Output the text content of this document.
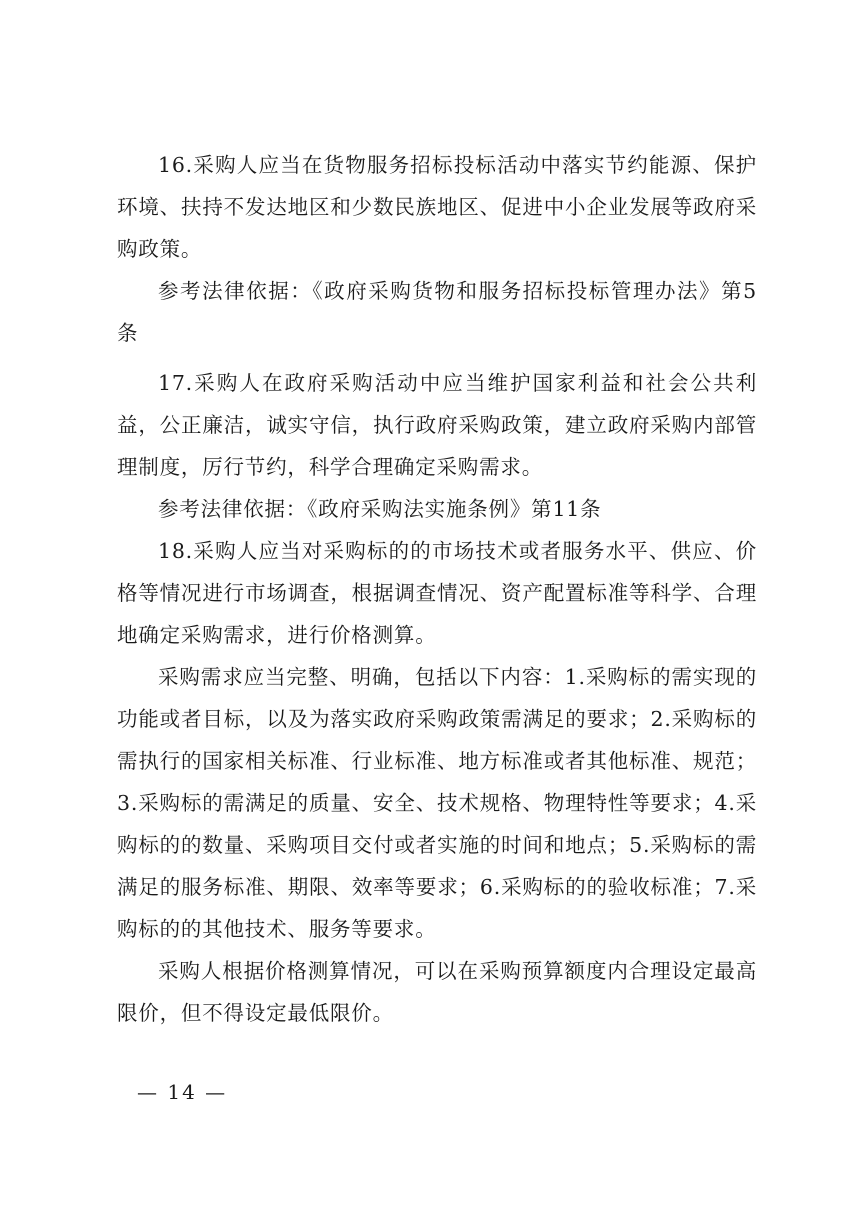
16.采购人应当在货物服务招标投标活动中落实节约能源、保护环境、扶持不发达地区和少数民族地区、促进中小企业发展等政府采购政策。

参考法律依据：《政府采购货物和服务招标投标管理办法》第5条

17.采购人在政府采购活动中应当维护国家利益和社会公共利益，公正廉洁，诚实守信，执行政府采购政策，建立政府采购内部管理制度，厉行节约，科学合理确定采购需求。

参考法律依据：《政府采购法实施条例》第11条

18.采购人应当对采购标的的市场技术或者服务水平、供应、价格等情况进行市场调查，根据调查情况、资产配置标准等科学、合理地确定采购需求，进行价格测算。

采购需求应当完整、明确，包括以下内容：1.采购标的需实现的功能或者目标，以及为落实政府采购政策需满足的要求；2.采购标的需执行的国家相关标准、行业标准、地方标准或者其他标准、规范；3.采购标的需满足的质量、安全、技术规格、物理特性等要求；4.采购标的的数量、采购项目交付或者实施的时间和地点；5.采购标的需满足的服务标准、期限、效率等要求；6.采购标的的验收标准；7.采购标的的其他技术、服务等要求。

采购人根据价格测算情况，可以在采购预算额度内合理设定最高限价，但不得设定最低限价。

— 14 —
